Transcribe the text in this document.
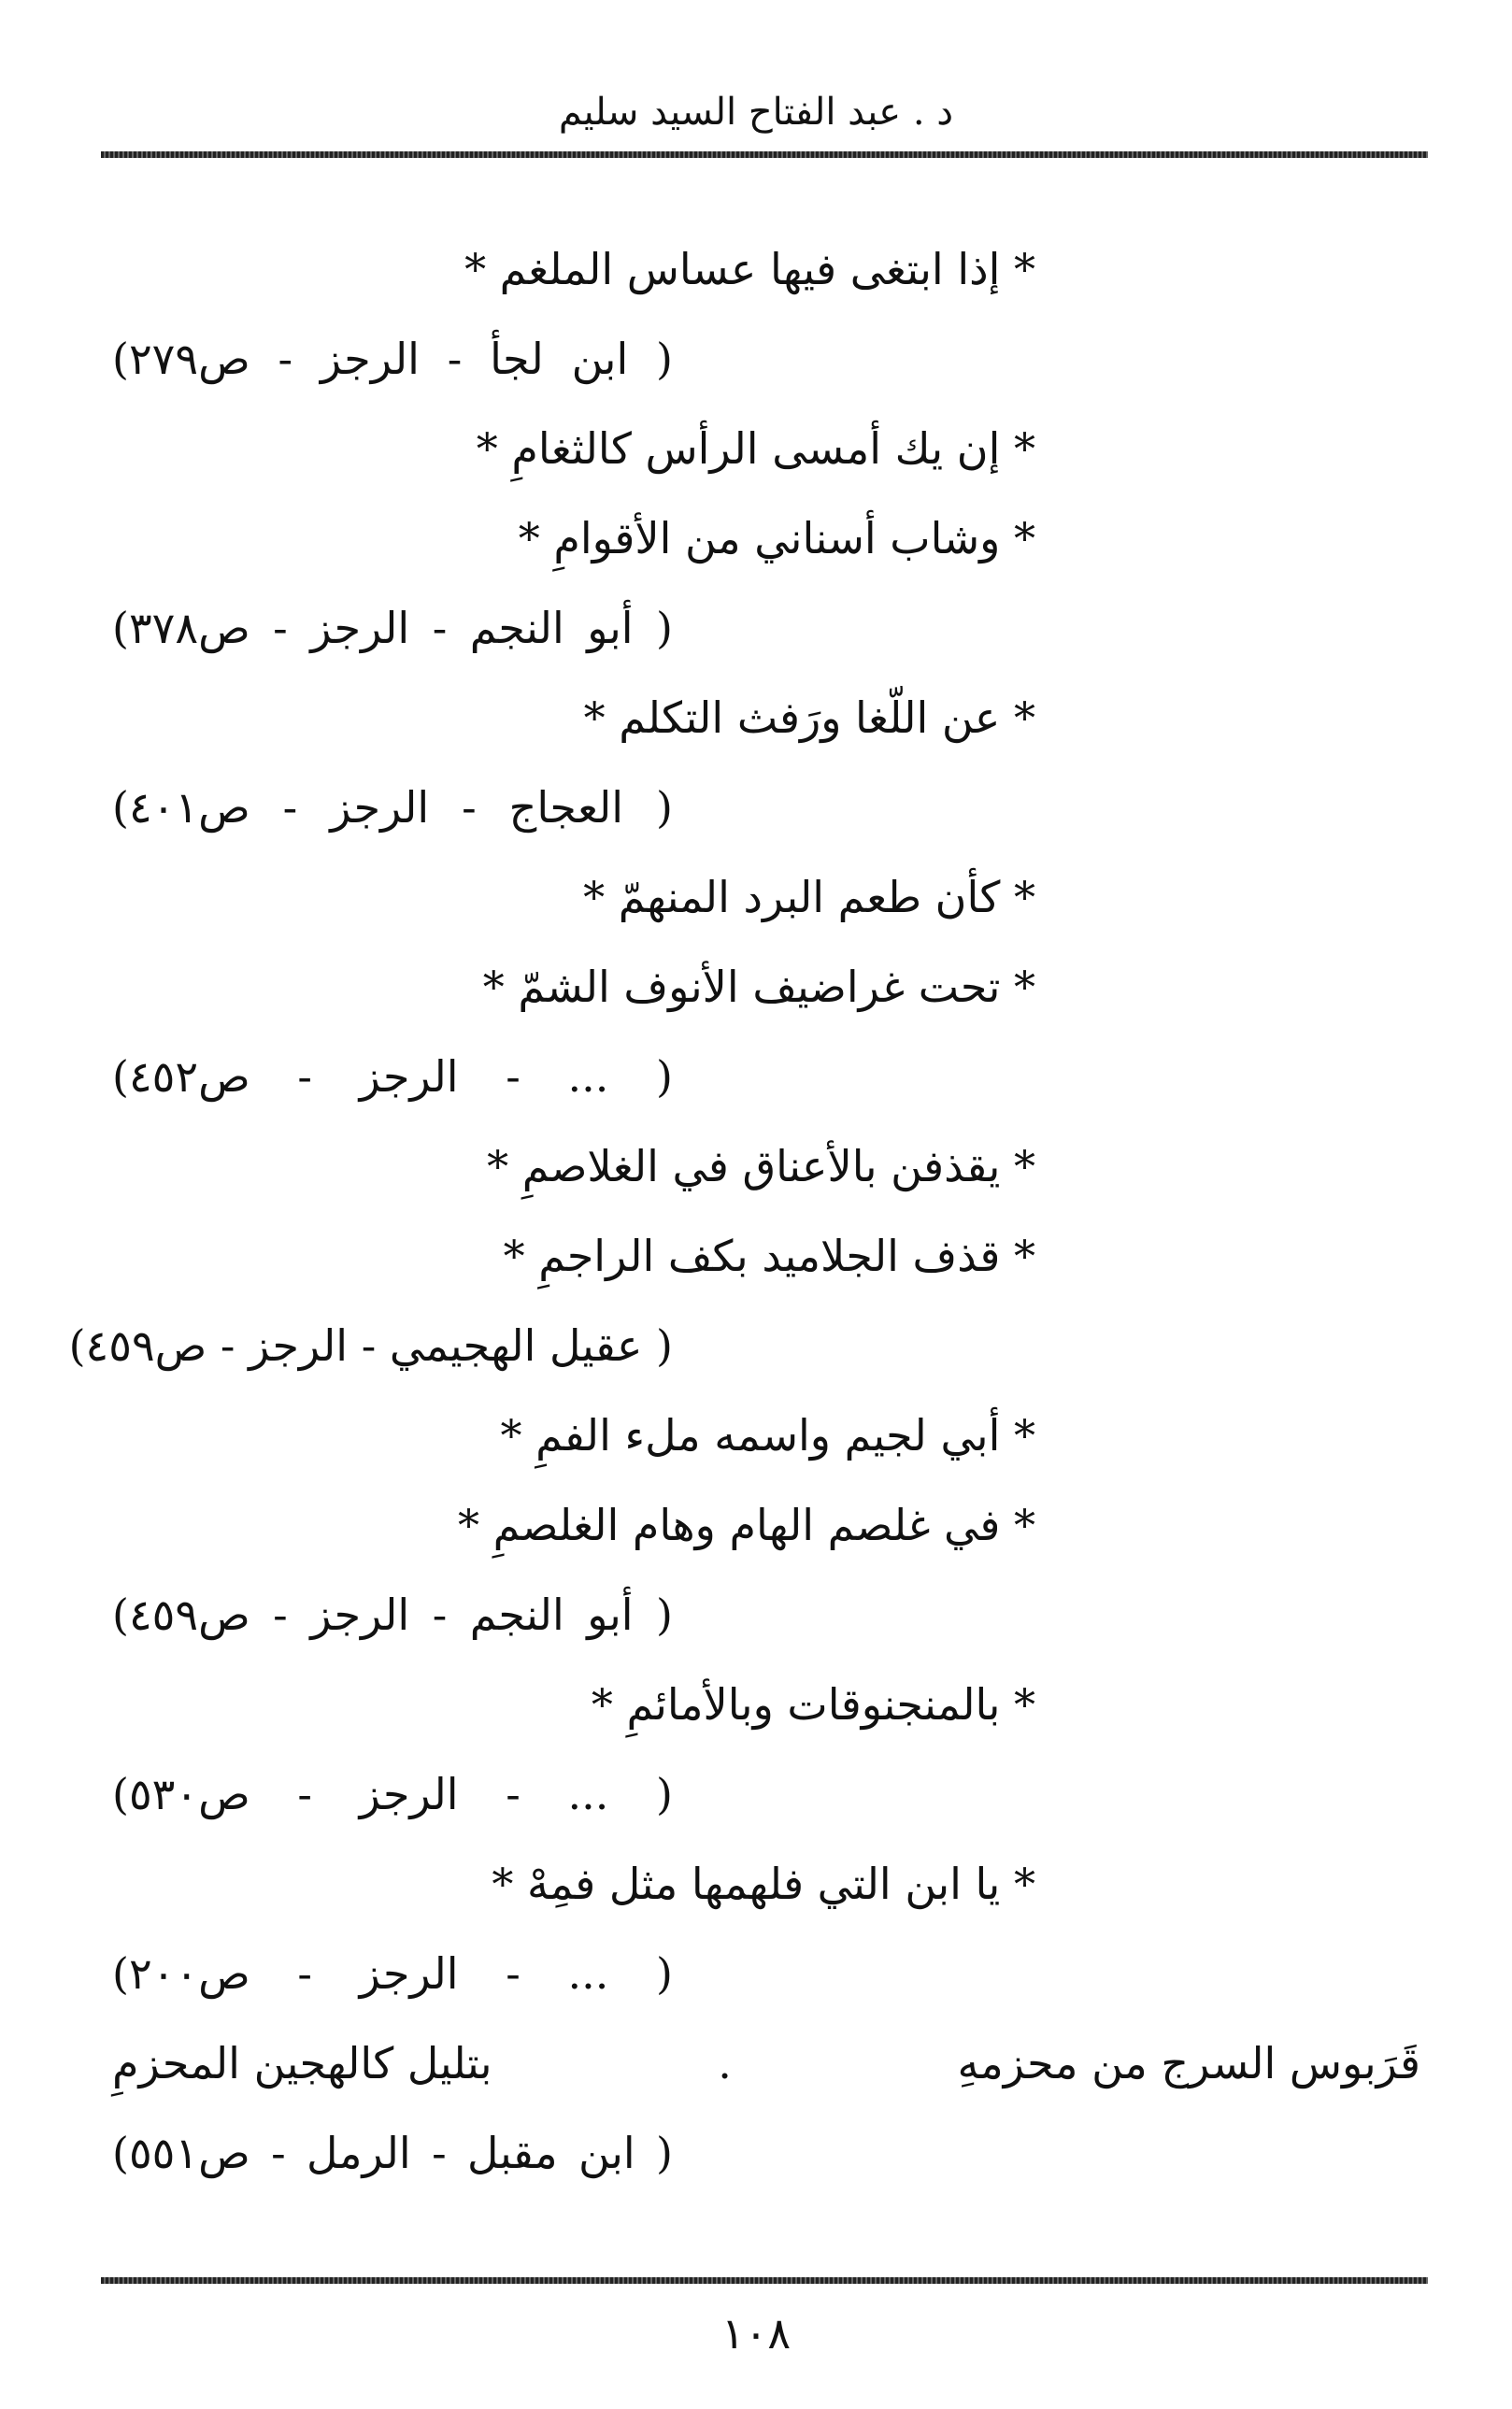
د . عبد الفتاح السيد سليم
* إذا ابتغى فيها عساس الملغم *
( ابن لجأ - الرجز - ص٢٧٩)
* إن يك أمسى الرأس كالثغامِ *
* وشاب أسناني من الأقوامِ *
( أبو النجم - الرجز - ص٣٧٨)
* عن اللّغا ورَفث التكلم *
( العجاج - الرجز - ص٤٠١)
* كأن طعم البرد المنهمّ *
* تحت غراضيف الأنوف الشمّ *
( ... - الرجز - ص٤٥٢)
* يقذفن بالأعناق في الغلاصمِ *
* قذف الجلاميد بكف الراجمِ *
( عقيل الهجيمي - الرجز - ص٤٥٩)
* أبي لجيم واسمه ملء الفمِ *
* في غلصم الهام وهام الغلصمِ *
( أبو النجم - الرجز - ص٤٥٩)
* بالمنجنوقات وبالأمائمِ *
( ... - الرجز - ص٥٣٠)
* يا ابن التي فلهمها مثل فمِهْ *
( ... - الرجز - ص٢٠٠)
قَرَبوس السرج من محزمهِ
.
بتليل كالهجين المحزمِ
( ابن مقبل - الرمل - ص٥٥١)
١٠٨
